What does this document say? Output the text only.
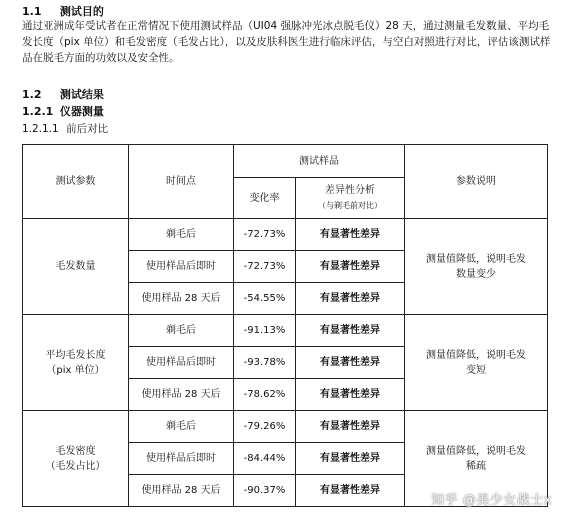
1.1 测试目的
通过亚洲成年受试者在正常情况下使用测试样品（UI04 强脉冲光冰点脱毛仪）28 天，通过测量毛发数量、平均毛发长度（pix 单位）和毛发密度（毛发占比），以及皮肤科医生进行临床评估，与空白对照进行对比，评估该测试样品在脱毛方面的功效以及安全性。
1.2 测试结果
1.2.1 仪器测量
1.2.1.1 前后对比
测试参数	时间点	测试样品		参数说明
		变化率	差异性分析
（与剃毛前对比）	

毛发数量	剃毛后	-72.73%	有显著性差异	测量值降低，说明毛发
数量变少

	使用样品后即时	-72.73%	有显著性差异	
	使用样品 28 天后	-54.55%	有显著性差异	

平均毛发长度
（pix 单位）	剃毛后	-91.13%	有显著性差异	测量值降低，说明毛发
变短

	使用样品后即时	-93.78%	有显著性差异	
	使用样品 28 天后	-78.62%	有显著性差异	

毛发密度
（毛发占比）	剃毛后	-79.26%	有显著性差异	测量值降低，说明毛发
稀疏

	使用样品后即时	-84.44%	有显著性差异	
	使用样品 28 天后	-90.37%	有显著性差异	
知乎 @美少女战士x
